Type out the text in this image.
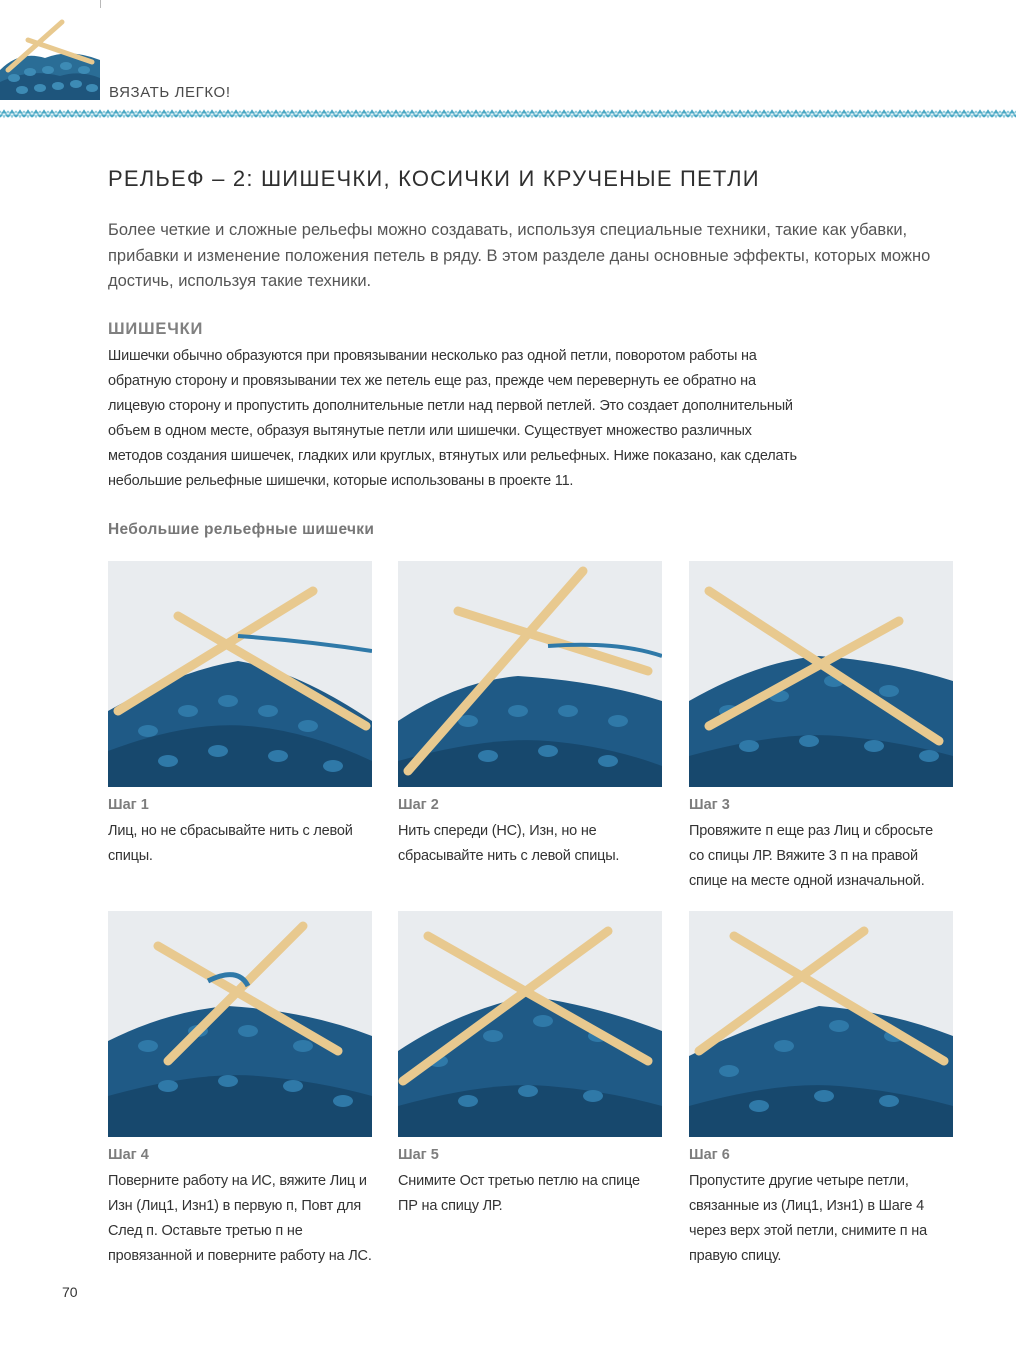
ВЯЗАТЬ ЛЕГКО!
РЕЛЬЕФ – 2: ШИШЕЧКИ, КОСИЧКИ И КРУЧЕНЫЕ ПЕТЛИ

Более четкие и сложные рельефы можно создавать, используя специальные техники, такие как убавки, прибавки и изменение положения петель в ряду. В этом разделе даны основные эффекты, которых можно достичь, используя такие техники.

ШИШЕЧКИ

Шишечки обычно образуются при провязывании несколько раз одной петли, поворотом работы на обратную сторону и провязывании тех же петель еще раз, прежде чем перевернуть ее обратно на лицевую сторону и пропустить дополнительные петли над первой петлей. Это создает дополнительный объем в одном месте, образуя вытянутые петли или шишечки. Существует множество различных методов создания шишечек, гладких или круглых, втянутых или рельефных. Ниже показано, как сделать небольшие рельефные шишечки, которые использованы в проекте 11.

Небольшие рельефные шишечки
Шаг 1

Лиц, но не сбрасывайте нить с левой спицы.

Шаг 2

Нить спереди (НС), Изн, но не сбрасывайте нить с левой спицы.

Шаг 3

Провяжите п еще раз Лиц и сбросьте со спицы ЛР. Вяжите 3 п на правой спице на месте одной изначальной.

Шаг 4

Поверните работу на ИС, вяжите Лиц и Изн (Лиц1, Изн1) в первую п, Повт для След п. Оставьте третью п не провязанной и поверните работу на ЛС.

Шаг 5

Снимите Ост третью петлю на спице ПР на спицу ЛР.

Шаг 6

Пропустите другие четыре петли, связанные из (Лиц1, Изн1) в Шаге 4 через верх этой петли, снимите п на правую спицу.

70
